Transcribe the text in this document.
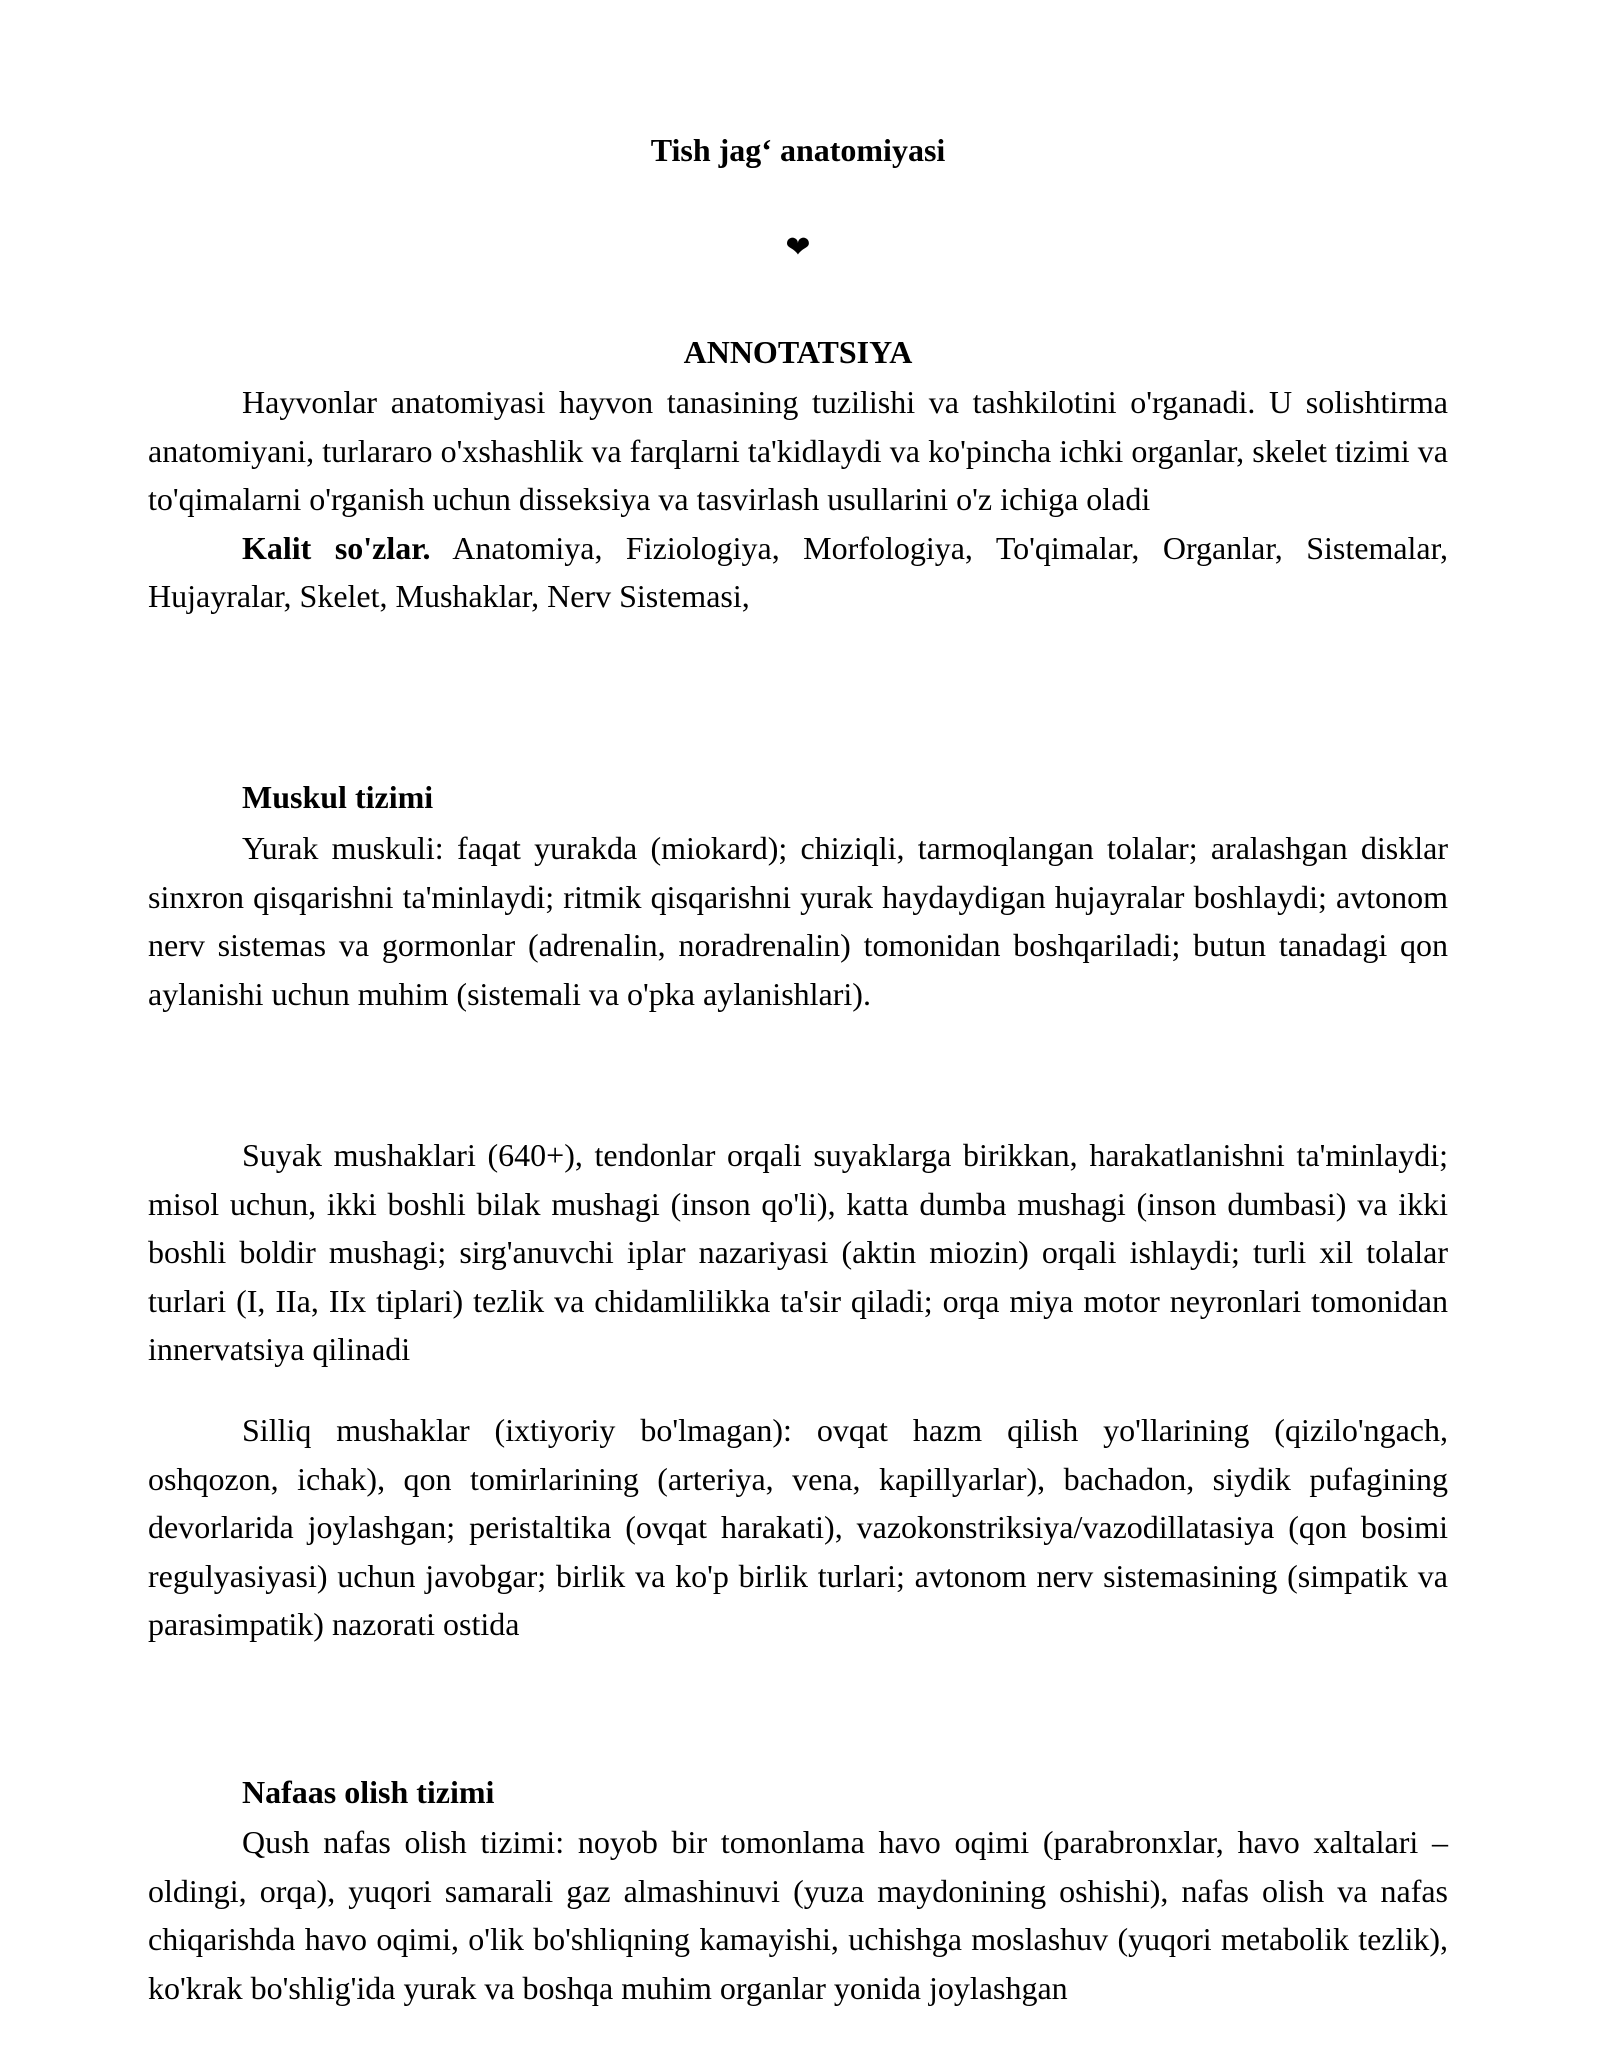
Tish jag‘ anatomiyasi
❤
ANNOTATSIYA

Hayvonlar anatomiyasi hayvon tanasining tuzilishi va tashkilotini o'rganadi. U solishtirma anatomiyani, turlararo o'xshashlik va farqlarni ta'kidlaydi va ko'pincha ichki organlar, skelet tizimi va to'qimalarni o'rganish uchun disseksiya va tasvirlash usullarini o'z ichiga oladi

Kalit so'zlar. Anatomiya, Fiziologiya, Morfologiya, To'qimalar, Organlar, Sistemalar, Hujayralar, Skelet, Mushaklar, Nerv Sistemasi,

Muskul tizimi

Yurak muskuli: faqat yurakda (miokard); chiziqli, tarmoqlangan tolalar; aralashgan disklar sinxron qisqarishni ta'minlaydi; ritmik qisqarishni yurak haydaydigan hujayralar boshlaydi; avtonom nerv sistemas va gormonlar (adrenalin, noradrenalin) tomonidan boshqariladi; butun tanadagi qon aylanishi uchun muhim (sistemali va o'pka aylanishlari).

Suyak mushaklari (640+), tendonlar orqali suyaklarga birikkan, harakatlanishni ta'minlaydi; misol uchun, ikki boshli bilak mushagi (inson qo'li), katta dumba mushagi (inson dumbasi) va ikki boshli boldir mushagi; sirg'anuvchi iplar nazariyasi (aktin miozin) orqali ishlaydi; turli xil tolalar turlari (I, IIa, IIx tiplari) tezlik va chidamlilikka ta'sir qiladi; orqa miya motor neyronlari tomonidan innervatsiya qilinadi

Silliq mushaklar (ixtiyoriy bo'lmagan): ovqat hazm qilish yo'llarining (qizilo'ngach, oshqozon, ichak), qon tomirlarining (arteriya, vena, kapillyarlar), bachadon, siydik pufagining devorlarida joylashgan; peristaltika (ovqat harakati), vazokonstriksiya/vazodillatasiya (qon bosimi regulyasiyasi) uchun javobgar; birlik va ko'p birlik turlari; avtonom nerv sistemasining (simpatik va parasimpatik) nazorati ostida

Nafaas olish tizimi

Qush nafas olish tizimi: noyob bir tomonlama havo oqimi (parabronxlar, havo xaltalari – oldingi, orqa), yuqori samarali gaz almashinuvi (yuza maydonining oshishi), nafas olish va nafas chiqarishda havo oqimi, o'lik bo'shliqning kamayishi, uchishga moslashuv (yuqori metabolik tezlik), ko'krak bo'shlig'ida yurak va boshqa muhim organlar yonida joylashgan
